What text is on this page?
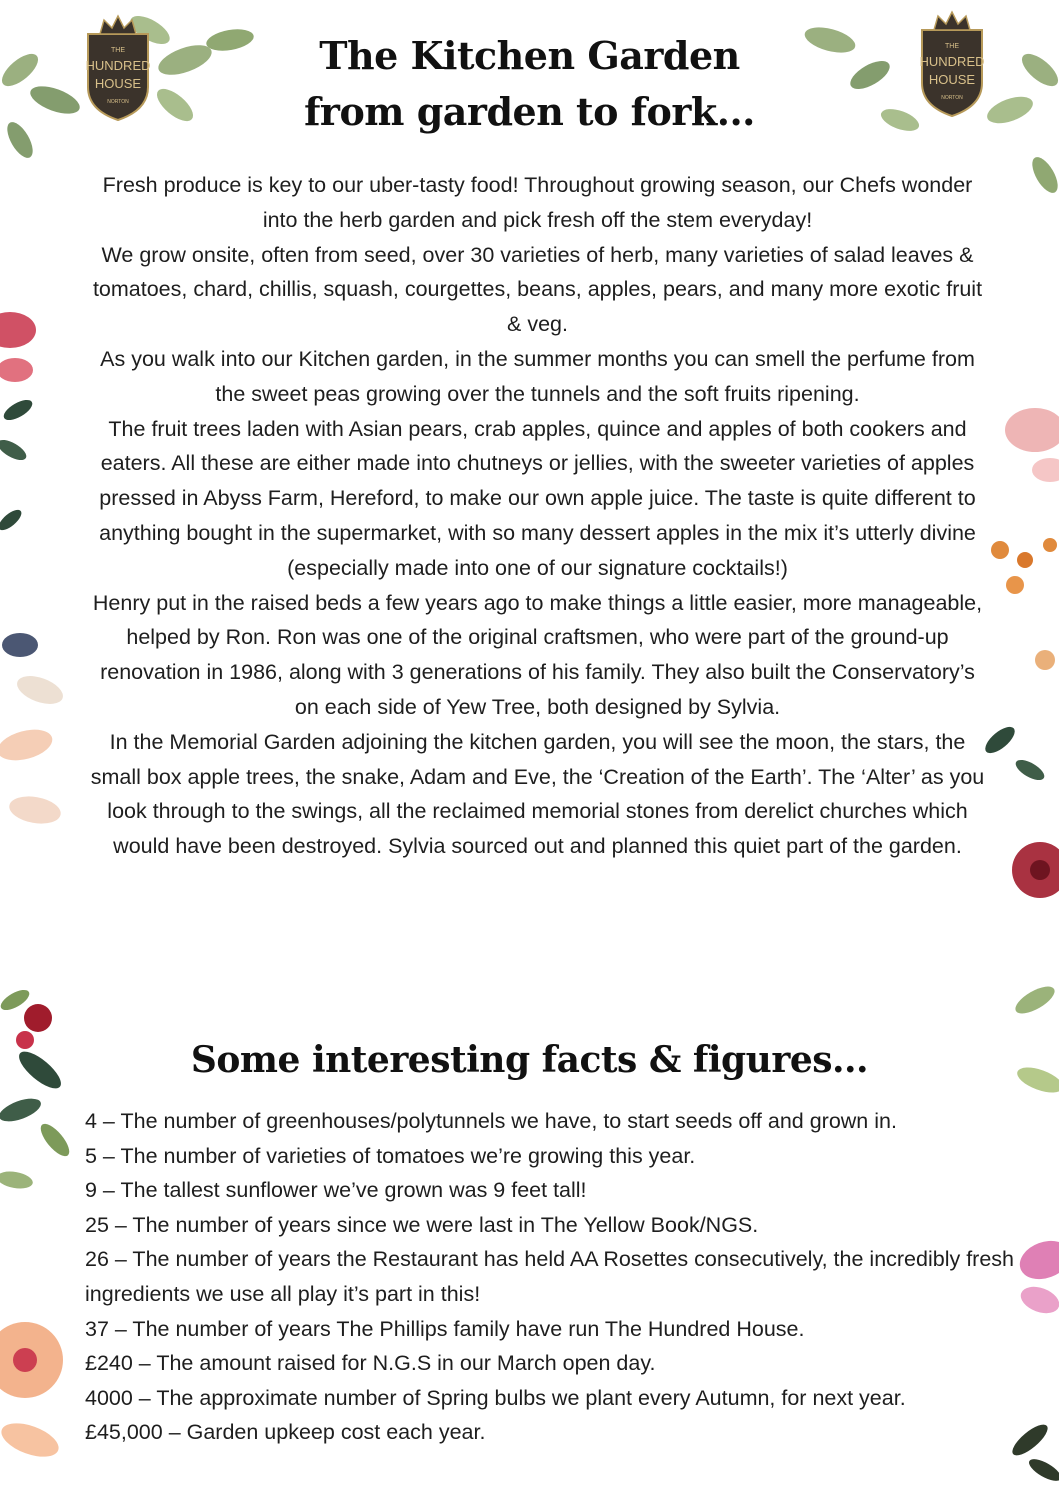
THE
HUNDRED
HOUSE
NORTON
THE
HUNDRED
HOUSE
NORTON
The Kitchen Garden
from garden to fork...

Fresh produce is key to our uber-tasty food! Throughout growing season, our Chefs wonder into the herb garden and pick fresh off the stem everyday!

We grow onsite, often from seed, over 30 varieties of herb, many varieties of salad leaves & tomatoes, chard, chillis, squash, courgettes, beans, apples, pears, and many more exotic fruit & veg.

As you walk into our Kitchen garden, in the summer months you can smell the perfume from the sweet peas growing over the tunnels and the soft fruits ripening.

The fruit trees laden with Asian pears, crab apples, quince and apples of both cookers and eaters. All these are either made into chutneys or jellies, with the sweeter varieties of apples pressed in Abyss Farm, Hereford, to make our own apple juice. The taste is quite different to anything bought in the supermarket, with so many dessert apples in the mix it’s utterly divine (especially made into one of our signature cocktails!)

Henry put in the raised beds a few years ago to make things a little easier, more manageable, helped by Ron. Ron was one of the original craftsmen, who were part of the ground-up renovation in 1986, along with 3 generations of his family. They also built the Conservatory’s on each side of Yew Tree, both designed by Sylvia.

In the Memorial Garden adjoining the kitchen garden, you will see the moon, the stars, the small box apple trees, the snake, Adam and Eve, the ‘Creation of the Earth’. The ‘Alter’ as you look through to the swings, all the reclaimed memorial stones from derelict churches which would have been destroyed. Sylvia sourced out and planned this quiet part of the garden.

Some interesting facts & figures...
4 – The number of greenhouses/polytunnels we have, to start seeds off and grown in.
5 – The number of varieties of tomatoes we’re growing this year.
9 – The tallest sunflower we’ve grown was 9 feet tall!
25 – The number of years since we were last in The Yellow Book/NGS.
26 – The number of years the Restaurant has held AA Rosettes consecutively, the incredibly fresh ingredients we use all play it’s part in this!
37 – The number of years The Phillips family have run The Hundred House.
£240 – The amount raised for N.G.S in our March open day.
4000 – The approximate number of Spring bulbs we plant every Autumn, for next year.
£45,000 – Garden upkeep cost each year.
